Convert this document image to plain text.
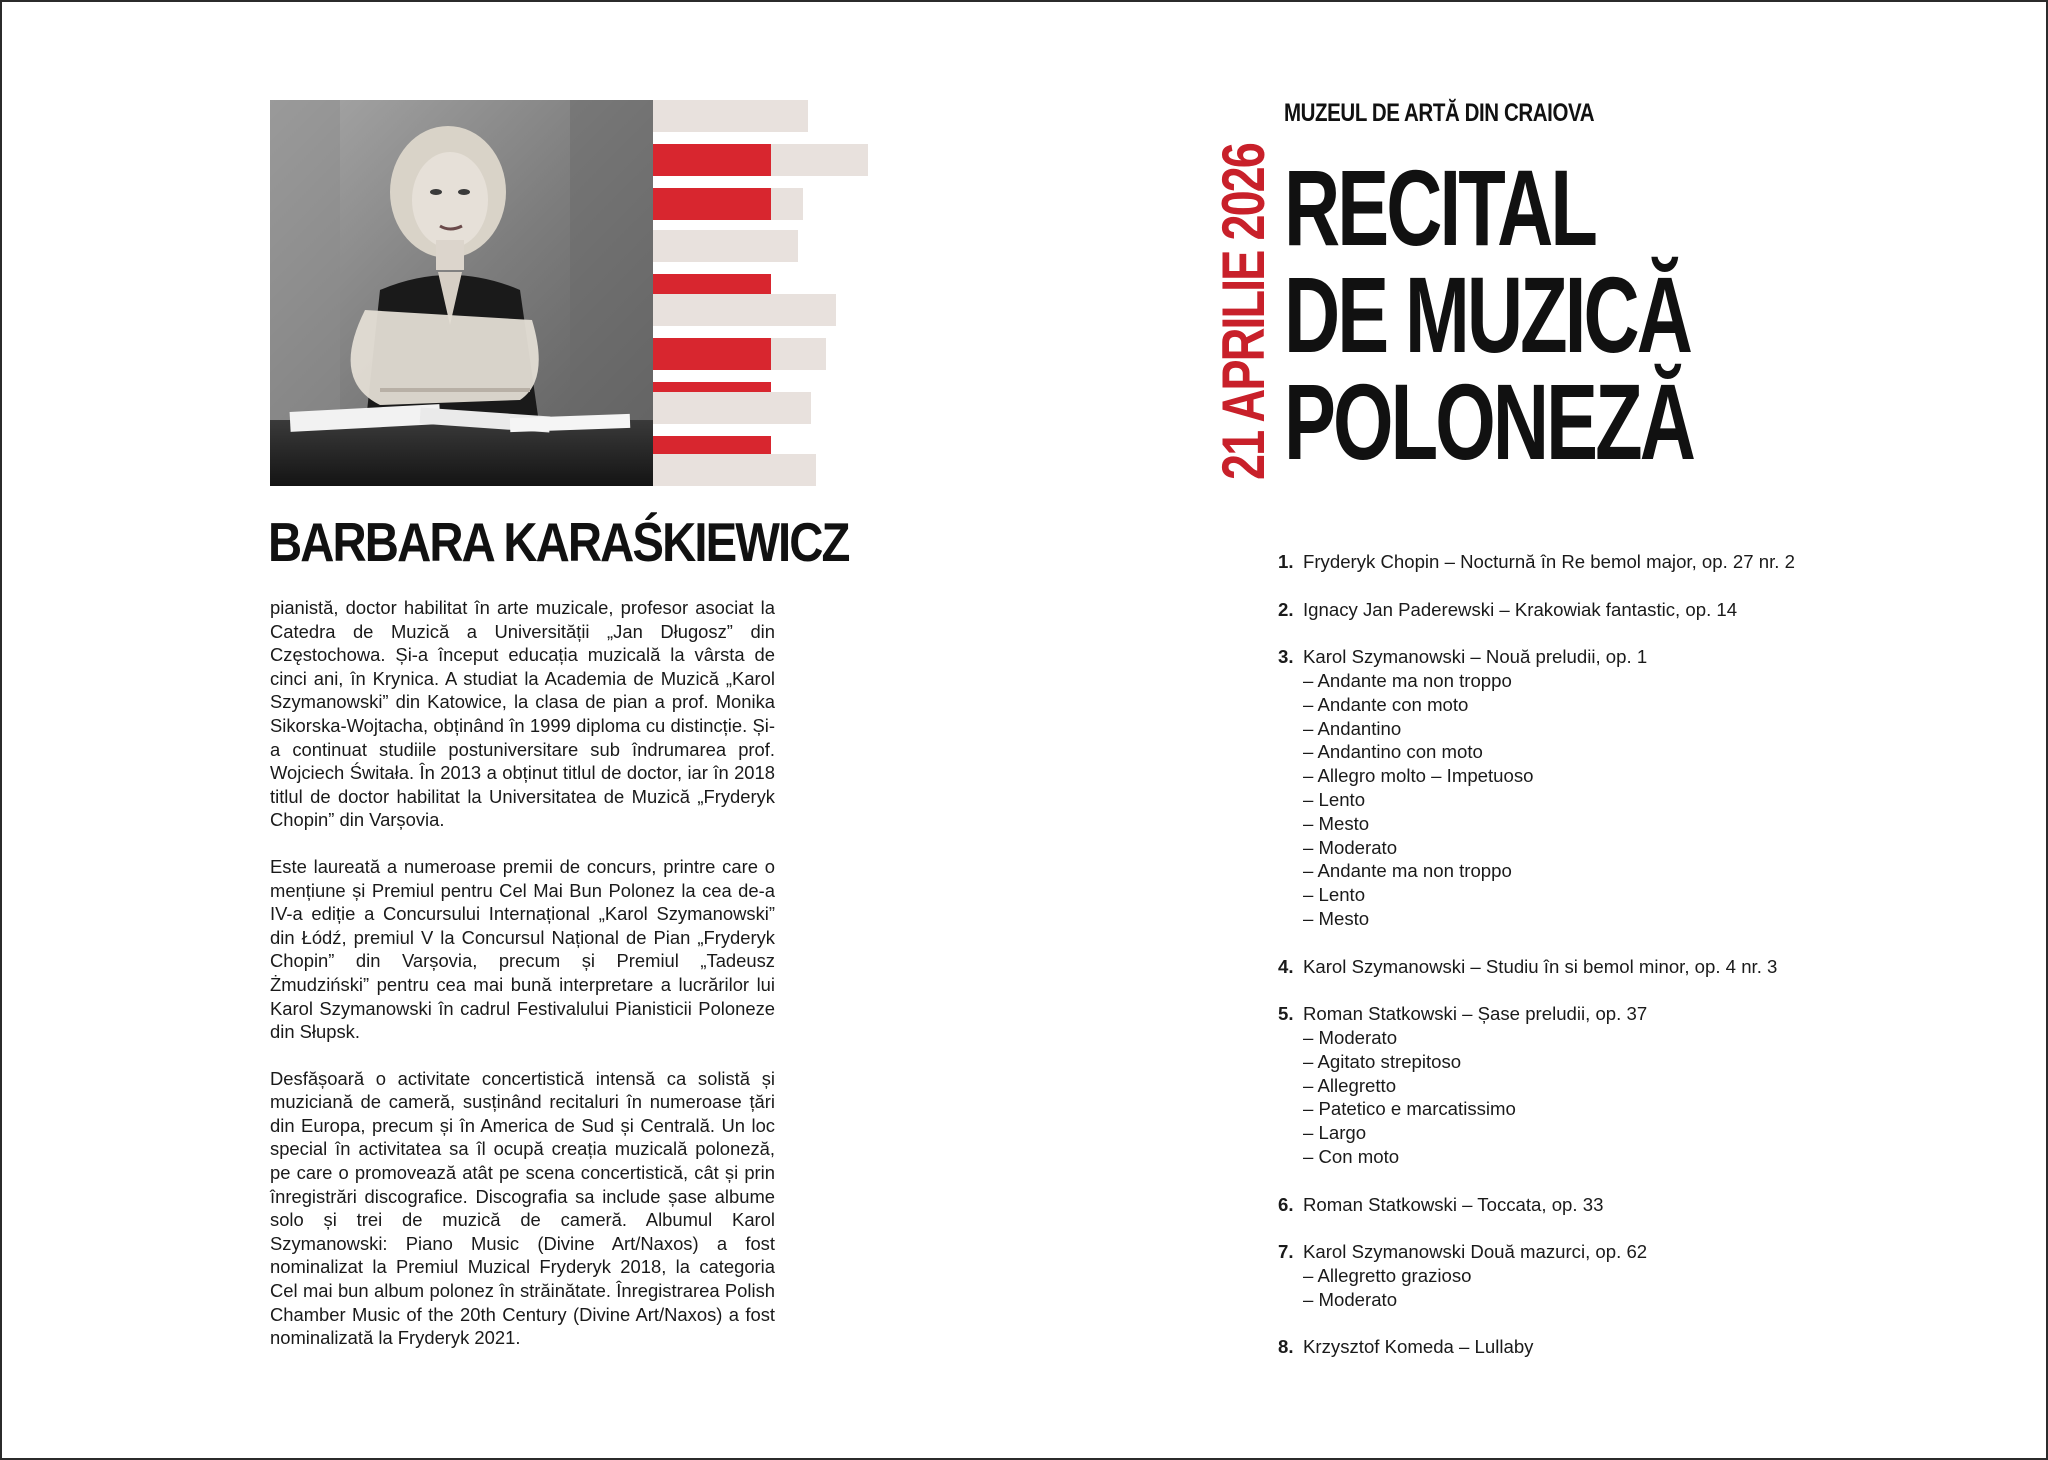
BARBARA KARAŚKIEWICZ

pianistă, doctor habilitat în arte muzicale, profesor asociat la Catedra de Muzică a Universității „Jan Długosz” din Częstochowa. Și-a început educația muzicală la vârsta de cinci ani, în Krynica. A studiat la Academia de Muzică „Karol Szymanowski” din Katowice, la clasa de pian a prof. Monika Sikorska-Wojtacha, obținând în 1999 diploma cu distincție. Și-a continuat studiile postuniversitare sub îndrumarea prof. Wojciech Świtała. În 2013 a obținut titlul de doctor, iar în 2018 titlul de doctor habilitat la Universitatea de Muzică „Fryderyk Chopin” din Varșovia.

Este laureată a numeroase premii de concurs, printre care o mențiune și Premiul pentru Cel Mai Bun Polonez la cea de-a IV-a ediție a Concursului Internațional „Karol Szymanowski” din Łódź, premiul V la Concursul Național de Pian „Fryderyk Chopin” din Varșovia, precum și Premiul „Tadeusz Żmudziński” pentru cea mai bună interpretare a lucrărilor lui Karol Szymanowski în cadrul Festivalului Pianisticii Poloneze din Słupsk.

Desfășoară o activitate concertistică intensă ca solistă și muziciană de cameră, susținând recitaluri în numeroase țări din Europa, precum și în America de Sud și Centrală. Un loc special în activitatea sa îl ocupă creația muzicală poloneză, pe care o promovează atât pe scena concertistică, cât și prin înregistrări discografice. Discografia sa include șase albume solo și trei de muzică de cameră. Albumul Karol Szymanowski: Piano Music (Divine Art/Naxos) a fost nominalizat la Premiul Muzical Fryderyk 2018, la categoria Cel mai bun album polonez în străinătate. Înregistrarea Polish Chamber Music of the 20th Century (Divine Art/Naxos) a fost nominalizată la Fryderyk 2021.

21 APRILIE 2026
MUZEUL DE ARTĂ DIN CRAIOVA
RECITAL
DE MUZICĂ
POLONEZĂ
1. Fryderyk Chopin – Nocturnă în Re bemol major, op. 27 nr. 2
2. Ignacy Jan Paderewski – Krakowiak fantastic, op. 14
3. Karol Szymanowski – Nouă preludii, op. 1
– Andante ma non troppo
– Andante con moto
– Andantino
– Andantino con moto
– Allegro molto – Impetuoso
– Lento
– Mesto
– Moderato
– Andante ma non troppo
– Lento
– Mesto
4. Karol Szymanowski – Studiu în si bemol minor, op. 4 nr. 3
5. Roman Statkowski – Șase preludii, op. 37
– Moderato
– Agitato strepitoso
– Allegretto
– Patetico e marcatissimo
– Largo
– Con moto
6. Roman Statkowski – Toccata, op. 33
7. Karol Szymanowski Două mazurci, op. 62
– Allegretto grazioso
– Moderato
8. Krzysztof Komeda – Lullaby
